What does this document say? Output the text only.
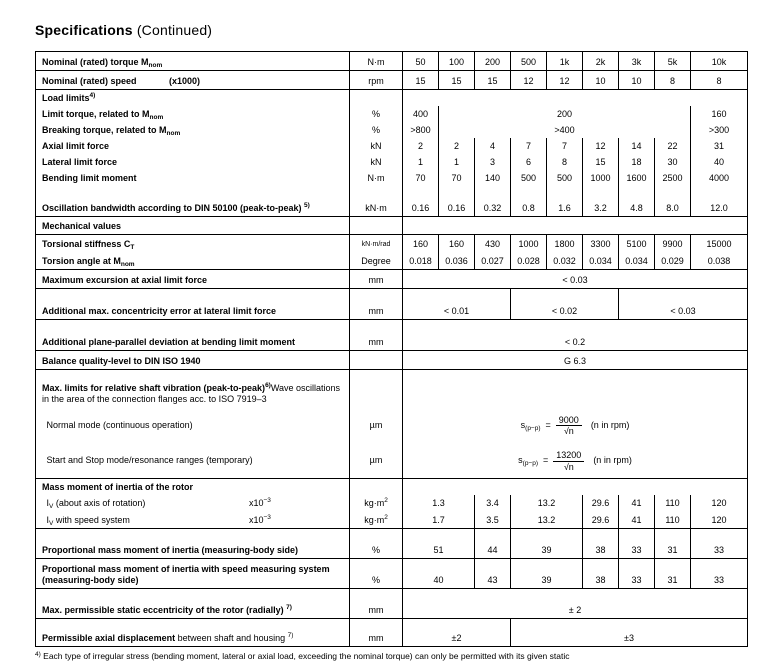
Specifications (Continued)
Nominal (rated) torque $M_{nom}$	N·m	50	100	200	500	1k	2k	3k	5k	10k
Nominal (rated) speed (x1000)	rpm	15	15	15	12	12	10	10	8	8
Load limits$^{4)}$		
Limit torque, related to $M_{nom}$	%	400	200							160
Breaking torque, related to $M_{nom}$	%	>800	>400							>300
Axial limit force	kN	2	2	4	7	7	12	14	22	31
Lateral limit force	kN	1	1	3	6	8	15	18	30	40
Bending limit moment	N·m	70	70	140	500	500	1000	1600	2500	4000
Oscillation bandwidth according to DIN 50100 (peak-to-peak) $^{5)}$	kN·m	0.16	0.16	0.32	0.8	1.6	3.2	4.8	8.0	12.0
Mechanical values										
Torsional stiffness $C_T$	kN·m/rad	160	160	430	1000	1800	3300	5100	9900	15000
Torsion angle at $M_{nom}$	Degree	0.018	0.036	0.027	0.028	0.032	0.034	0.034	0.029	0.038
Maximum excursion at axial limit force	mm	< 0.03								
Additional max. concentricity error at lateral limit force	mm	< 0.01			< 0.02			< 0.03		
Additional plane-parallel deviation at bending limit moment	mm	< 0.2								
Balance quality-level to DIN ISO 1940		G 6.3								
Max. limits for relative shaft vibration (peak-to-peak)$^{6)}$Wave oscillations in the area of the connection flanges acc. to ISO 7919–3										
 Normal mode (continuous operation)	µm	$s_{(p-p)} = \frac{9000}{√n} (n$ in rpm)								

 Start and Stop mode/resonance ranges (temporary)	µm	$s_{(p-p)} = \frac{13200}{√n} (n$ in rpm)								

Mass moment of inertia of the rotor										
 $I_V$ (about axis of rotation) $x10^{-3}$	$kg\cdot m^2$	1.3		3.4	13.2		29.6	41	110	120
 $I_V$ with speed system $x10^{-3}$	$kg\cdot m^2$	1.7		3.5	13.2		29.6	41	110	120
Proportional mass moment of inertia (measuring-body side)	%	51		44	39		38	33	31	33
Proportional mass moment of inertia with speed measuring system (measuring-body side)	%	40		43	39		38	33	31	33
Max. permissible static eccentricity of the rotor (radially) $^{7)}$	mm	± 2								
Permissible axial displacement between shaft and housing $^{7)}$	mm	±2			±3					
$^{4)}$ Each type of irregular stress (bending moment, lateral or axial load, exceeding the nominal torque) can only be permitted with its given static
